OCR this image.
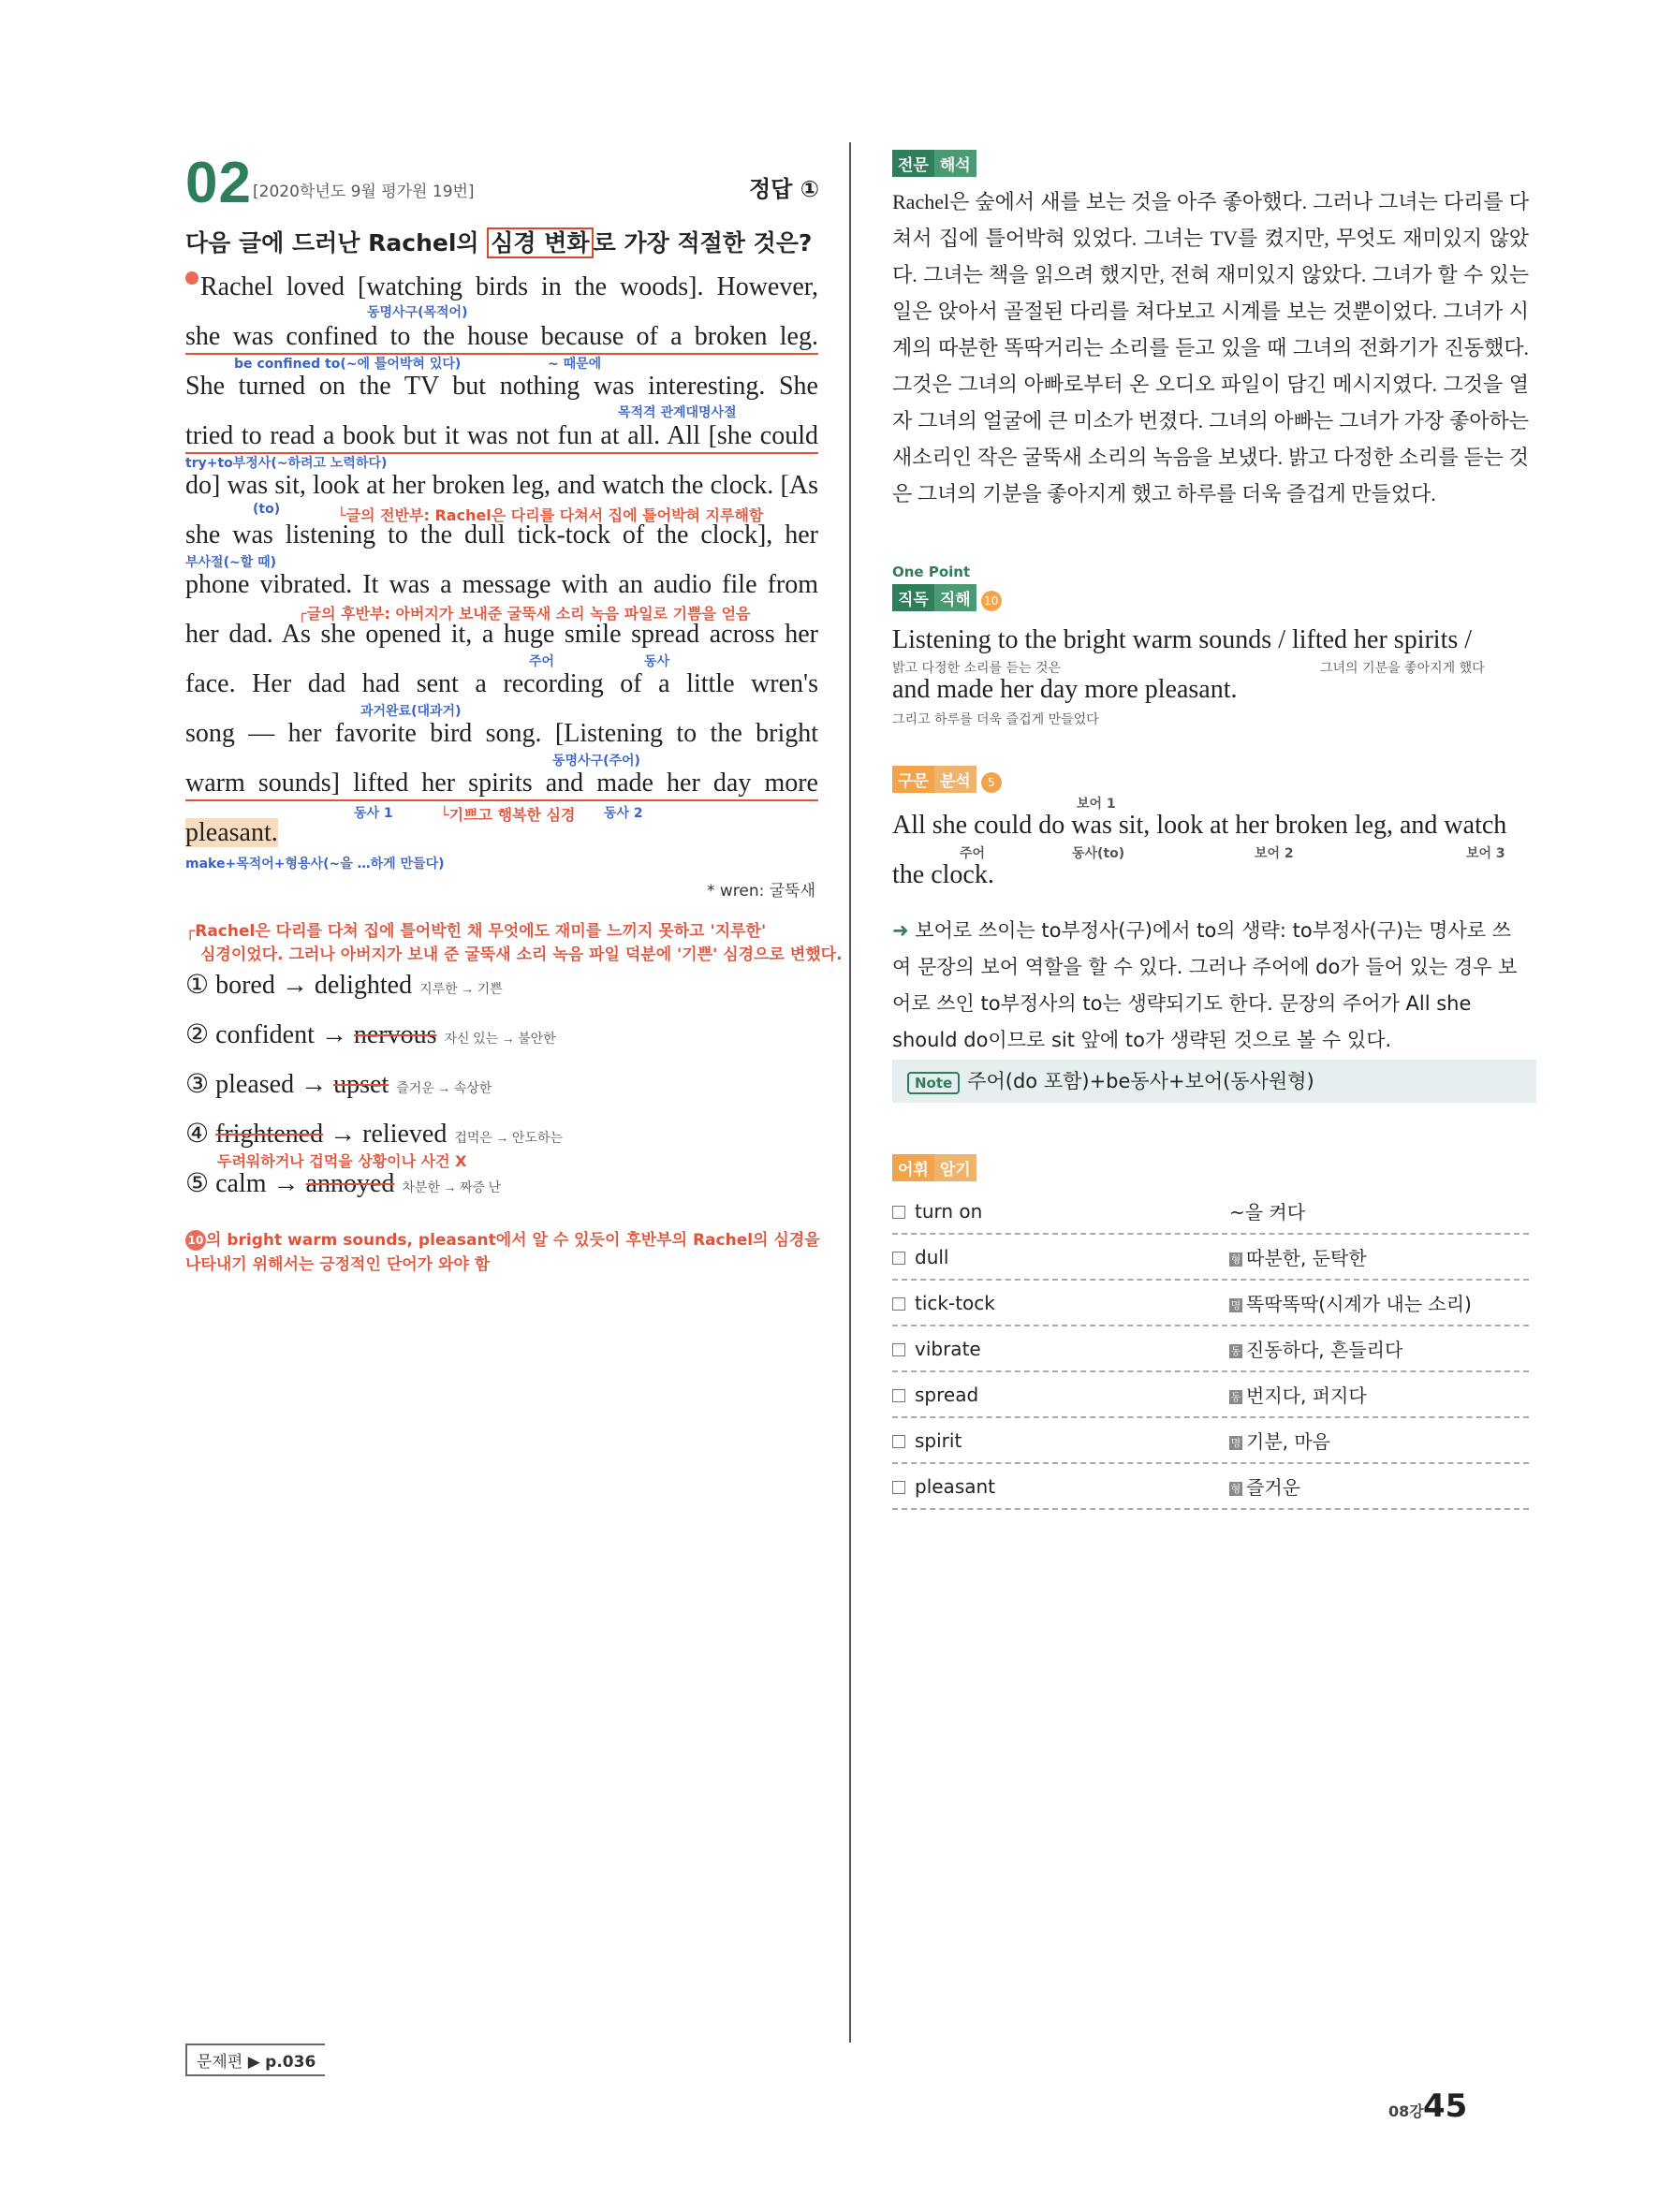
02 [2020학년도 9월 평가원 19번]	정답 ①
다음 글에 드러난 Rachel의 심경 변화 로 가장 적절한 것은?
Rachel loved [watching birds in the woods]. However,
동명사구(목적어)
she was confined to the house because of a broken leg.
be confined to(~에 틀어박혀 있다)	~ 때문에
She turned on the TV but nothing was interesting. She
목적격 관계대명사절
tried to read a book but it was not fun at all. All [she could
try+to부정사(~하려고 노력하다)
do] was sit, look at her broken leg, and watch the clock. [As
(to)	└글의 전반부: Rachel은 다리를 다쳐서 집에 틀어박혀 지루해함
she was listening to the dull tick-tock of the clock], her
부사절(~할 때)
phone vibrated. It was a message with an audio file from
┌글의 후반부: 아버지가 보내준 굴뚝새 소리 녹음 파일로 기쁨을 얻음
her dad. As she opened it, a huge smile spread across her
주어	동사
face. Her dad had sent a recording of a little wren's
과거완료(대과거)
song — her favorite bird song. [Listening to the bright
동명사구(주어)
warm sounds] lifted her spirits and made her day more
동사 1	└기쁘고 행복한 심경 동사 2
pleasant.
make+목적어+형용사(~을 …하게 만들다)
* wren: 굴뚝새
┌Rachel은 다리를 다쳐 집에 틀어박힌 채 무엇에도 재미를 느끼지 못하고 '지루한'
심경이었다. 그러나 아버지가 보내 준 굴뚝새 소리 녹음 파일 덕분에 '기쁜' 심경으로 변했다.
① bored → delighted 지루한 → 기쁜
② confident → nervous 자신 있는 → 불안한
③ pleased → upset 즐거운 → 속상한
④ frightened → relieved 겁먹은 → 안도하는
두려워하거나 겁먹을 상황이나 사건 X
⑤ calm → annoyed 차분한 → 짜증 난
10 의 bright warm sounds, pleasant에서 알 수 있듯이 후반부의 Rachel의 심경을
나타내기 위해서는 긍정적인 단어가 와야 함
문제편 ▶ p.036
전문 해석

Rachel은 숲에서 새를 보는 것을 아주 좋아했다. 그러나 그녀는 다리를 다쳐서 집에 틀어박혀 있었다. 그녀는 TV를 켰지만, 무엇도 재미있지 않았다. 그녀는 책을 읽으려 했지만, 전혀 재미있지 않았다. 그녀가 할 수 있는 일은 앉아서 골절된 다리를 쳐다보고 시계를 보는 것뿐이었다. 그녀가 시계의 따분한 똑딱거리는 소리를 듣고 있을 때 그녀의 전화기가 진동했다. 그것은 그녀의 아빠로부터 온 오디오 파일이 담긴 메시지였다. 그것을 열자 그녀의 얼굴에 큰 미소가 번졌다. 그녀의 아빠는 그녀가 가장 좋아하는 새소리인 작은 굴뚝새 소리의 녹음을 보냈다. 밝고 다정한 소리를 듣는 것은 그녀의 기분을 좋아지게 했고 하루를 더욱 즐겁게 만들었다.

One Point
직독 직해 10
Listening to the bright warm sounds / lifted her spirits /
밝고 다정한 소리를 듣는 것은	그녀의 기분을 좋아지게 했다
and made her day more pleasant.
그리고 하루를 더욱 즐겁게 만들었다
구문 분석 5
보어 1
All she could do was sit, look at her broken leg, and watch
주어	동사(to)	보어 2	보어 3
the clock.
➜ 보어로 쓰이는 to부정사(구)에서 to의 생략: to부정사(구)는 명사로 쓰여 문장의 보어 역할을 할 수 있다. 그러나 주어에 do가 들어 있는 경우 보어로 쓰인 to부정사의 to는 생략되기도 한다. 문장의 주어가 All she should do이므로 sit 앞에 to가 생략된 것으로 볼 수 있다.
Note 주어(do 포함)+be동사+보어(동사원형)
어휘 암기
turn on	~을 켜다
dull	형 따분한, 둔탁한
tick-tock	명 똑딱똑딱(시계가 내는 소리)
vibrate	동 진동하다, 흔들리다
spread	동 번지다, 퍼지다
spirit	명 기분, 마음
pleasant	형 즐거운
08강 45
